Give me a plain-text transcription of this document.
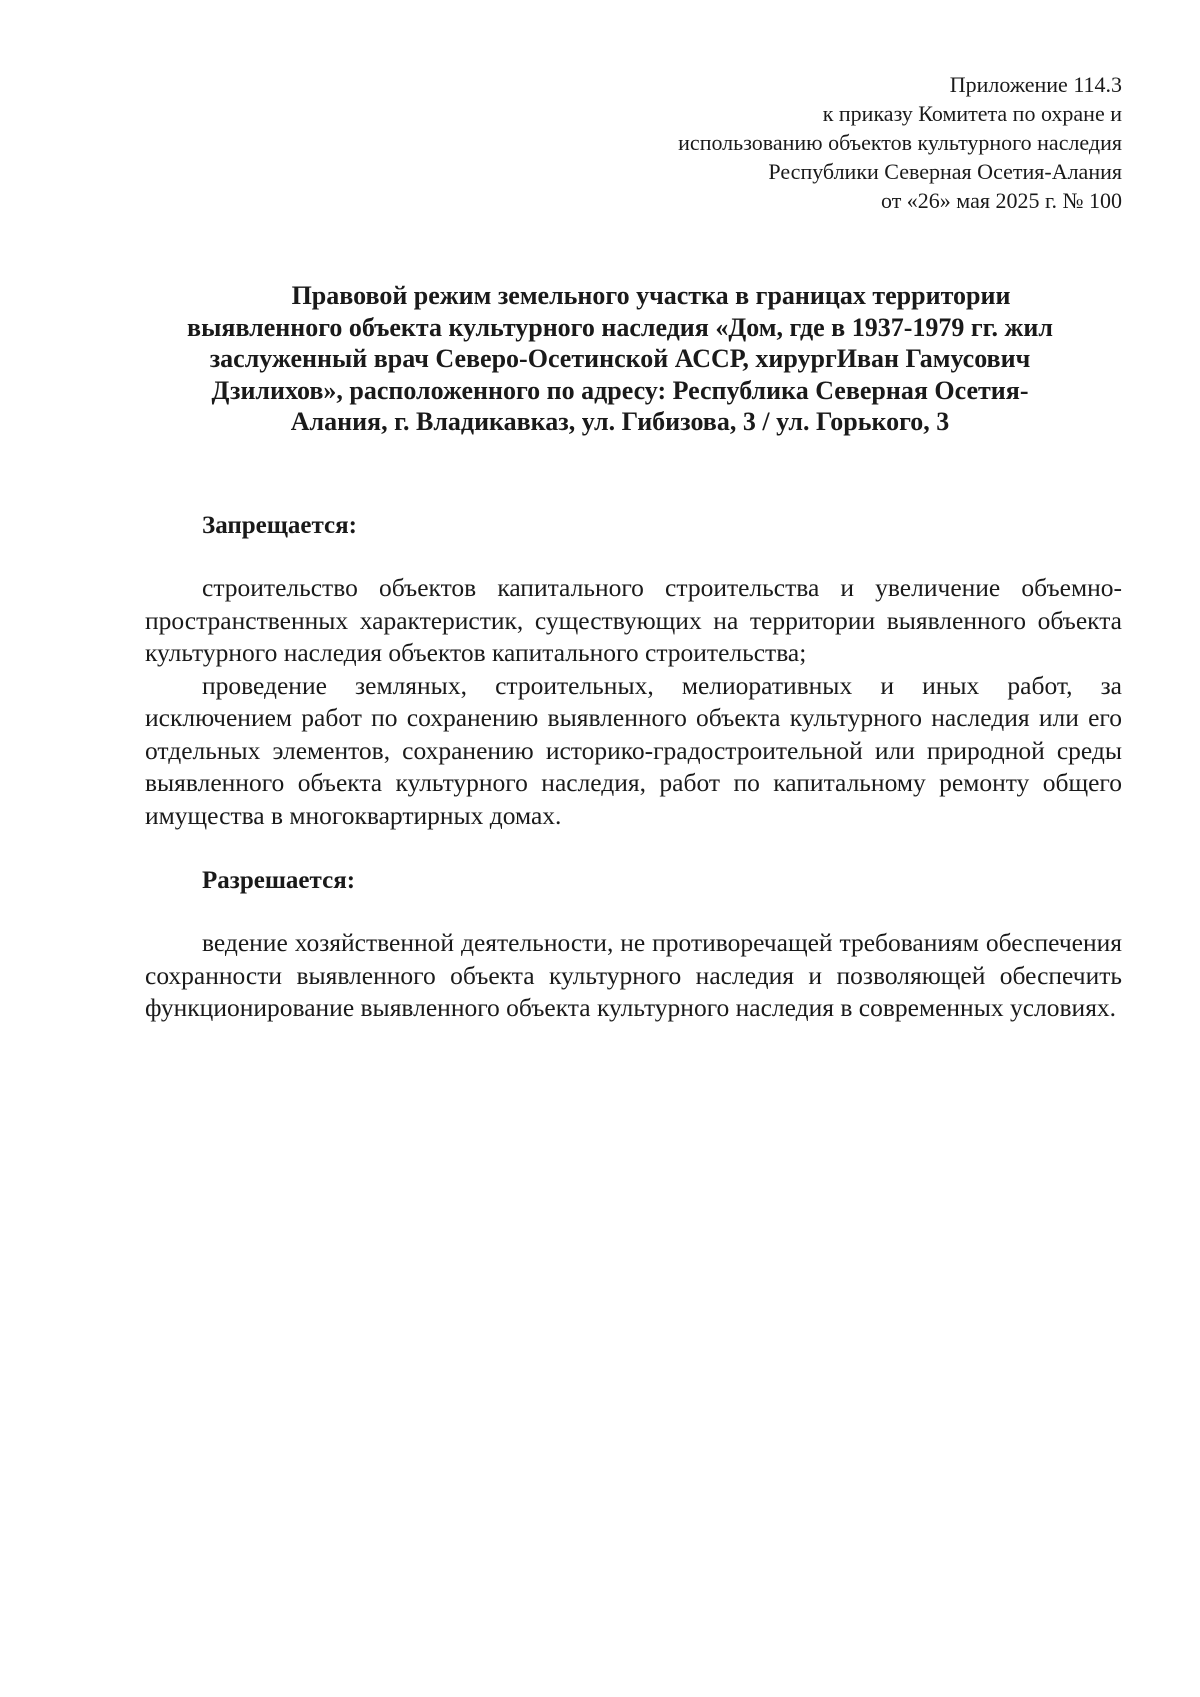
Приложение 114.3
к приказу Комитета по охране и
использованию объектов культурного наследия
Республики Северная Осетия-Алания
от «26» мая 2025 г. № 100
Правовой режим земельного участка в границах территории
выявленного объекта культурного наследия «Дом, где в 1937-1979 гг. жил
заслуженный врач Северо-Осетинской АССР, хирургИван Гамусович
Дзилихов», расположенного по адресу: Республика Северная Осетия-
Алания, г. Владикавказ, ул. Гибизова, 3 / ул. Горького, 3
Запрещается:

строительство объектов капитального строительства и увеличение объемно-пространственных характеристик, существующих на территории выявленного объекта культурного наследия объектов капитального строительства;

проведение земляных, строительных, мелиоративных и иных работ, за исключением работ по сохранению выявленного объекта культурного наследия или его отдельных элементов, сохранению историко-градостроительной или природной среды выявленного объекта культурного наследия, работ по капитальному ремонту общего имущества в многоквартирных домах.

Разрешается:

ведение хозяйственной деятельности, не противоречащей требованиям обеспечения сохранности выявленного объекта культурного наследия и позволяющей обеспечить функционирование выявленного объекта культурного наследия в современных условиях.
